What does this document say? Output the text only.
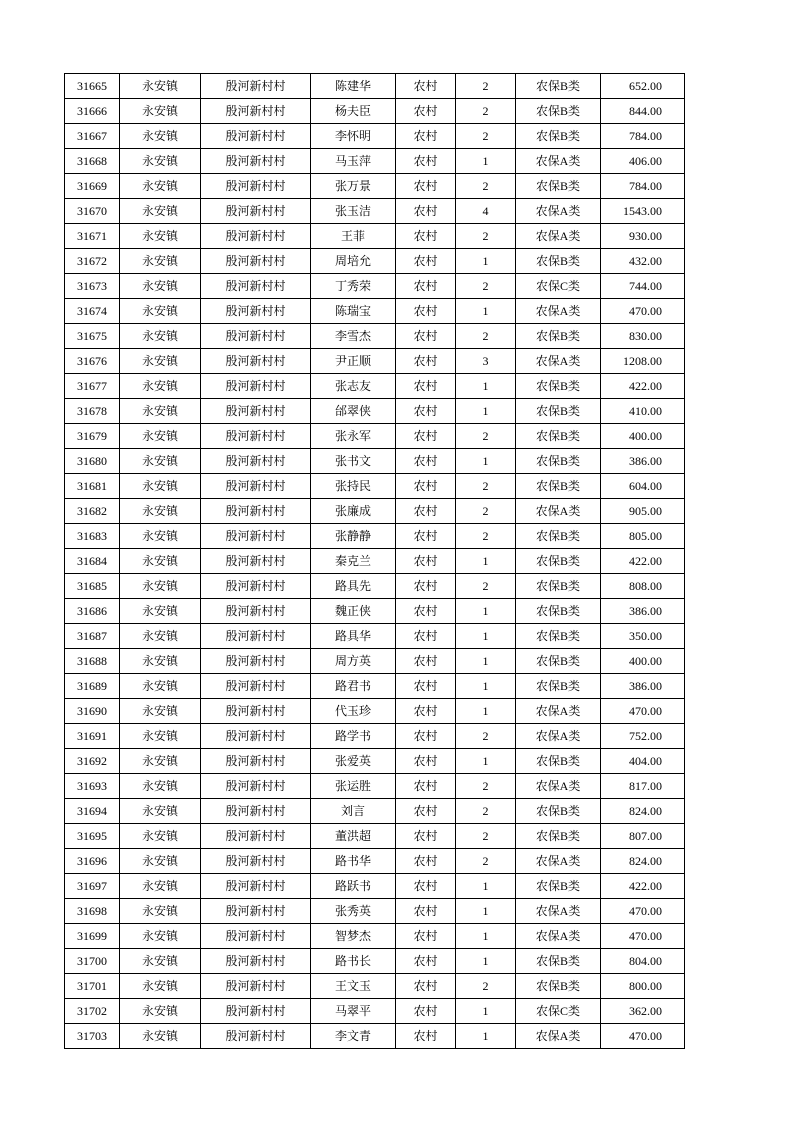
31665	永安镇	殷河新村村	陈建华	农村	2	农保B类	652.00
31666	永安镇	殷河新村村	杨夫臣	农村	2	农保B类	844.00
31667	永安镇	殷河新村村	李怀明	农村	2	农保B类	784.00
31668	永安镇	殷河新村村	马玉萍	农村	1	农保A类	406.00
31669	永安镇	殷河新村村	张万景	农村	2	农保B类	784.00
31670	永安镇	殷河新村村	张玉洁	农村	4	农保A类	1543.00
31671	永安镇	殷河新村村	王菲	农村	2	农保A类	930.00
31672	永安镇	殷河新村村	周培允	农村	1	农保B类	432.00
31673	永安镇	殷河新村村	丁秀荣	农村	2	农保C类	744.00
31674	永安镇	殷河新村村	陈瑞宝	农村	1	农保A类	470.00
31675	永安镇	殷河新村村	李雪杰	农村	2	农保B类	830.00
31676	永安镇	殷河新村村	尹正顺	农村	3	农保A类	1208.00
31677	永安镇	殷河新村村	张志友	农村	1	农保B类	422.00
31678	永安镇	殷河新村村	邰翠侠	农村	1	农保B类	410.00
31679	永安镇	殷河新村村	张永军	农村	2	农保B类	400.00
31680	永安镇	殷河新村村	张书文	农村	1	农保B类	386.00
31681	永安镇	殷河新村村	张持民	农村	2	农保B类	604.00
31682	永安镇	殷河新村村	张廉成	农村	2	农保A类	905.00
31683	永安镇	殷河新村村	张静静	农村	2	农保B类	805.00
31684	永安镇	殷河新村村	秦克兰	农村	1	农保B类	422.00
31685	永安镇	殷河新村村	路具先	农村	2	农保B类	808.00
31686	永安镇	殷河新村村	魏正侠	农村	1	农保B类	386.00
31687	永安镇	殷河新村村	路具华	农村	1	农保B类	350.00
31688	永安镇	殷河新村村	周方英	农村	1	农保B类	400.00
31689	永安镇	殷河新村村	路君书	农村	1	农保B类	386.00
31690	永安镇	殷河新村村	代玉珍	农村	1	农保A类	470.00
31691	永安镇	殷河新村村	路学书	农村	2	农保A类	752.00
31692	永安镇	殷河新村村	张爱英	农村	1	农保B类	404.00
31693	永安镇	殷河新村村	张运胜	农村	2	农保A类	817.00
31694	永安镇	殷河新村村	刘言	农村	2	农保B类	824.00
31695	永安镇	殷河新村村	董洪超	农村	2	农保B类	807.00
31696	永安镇	殷河新村村	路书华	农村	2	农保A类	824.00
31697	永安镇	殷河新村村	路跃书	农村	1	农保B类	422.00
31698	永安镇	殷河新村村	张秀英	农村	1	农保A类	470.00
31699	永安镇	殷河新村村	智梦杰	农村	1	农保A类	470.00
31700	永安镇	殷河新村村	路书长	农村	1	农保B类	804.00
31701	永安镇	殷河新村村	王文玉	农村	2	农保B类	800.00
31702	永安镇	殷河新村村	马翠平	农村	1	农保C类	362.00
31703	永安镇	殷河新村村	李文青	农村	1	农保A类	470.00
